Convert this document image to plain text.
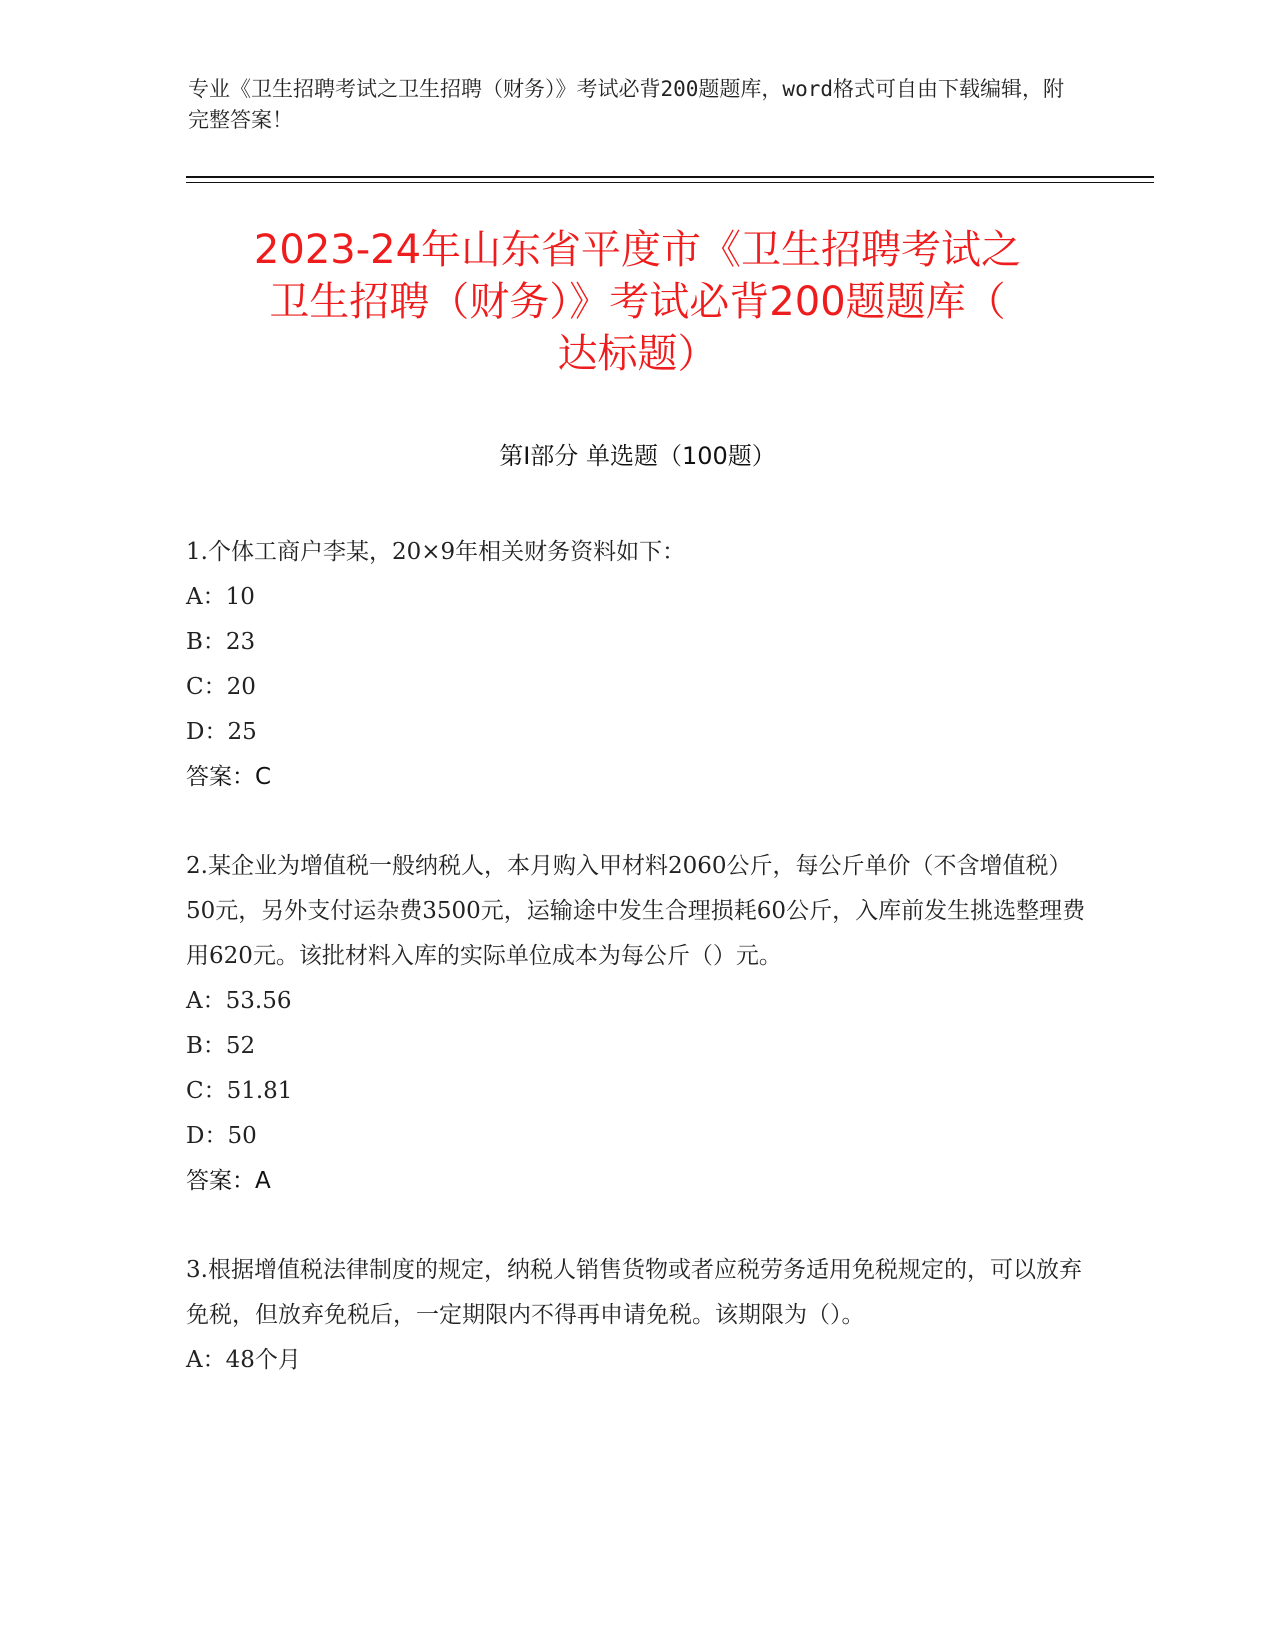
专业《卫生招聘考试之卫生招聘（财务）》考试必背200题题库，word格式可自由下载编辑，附完整答案！
2023-24年山东省平度市《卫生招聘考试之
卫生招聘（财务）》考试必背200题题库（
达标题）
第I部分 单选题（100题）

1.个体工商户李某，20×9年相关财务资料如下：

A：10

B：23

C：20

D：25

答案：C

2.某企业为增值税一般纳税人，本月购入甲材料2060公斤，每公斤单价（不含增值税）50元，另外支付运杂费3500元，运输途中发生合理损耗60公斤，入库前发生挑选整理费用620元。该批材料入库的实际单位成本为每公斤（）元。

A：53.56

B：52

C：51.81

D：50

答案：A

3.根据增值税法律制度的规定，纳税人销售货物或者应税劳务适用免税规定的，可以放弃免税，但放弃免税后，一定期限内不得再申请免税。该期限为（）。

A：48个月
